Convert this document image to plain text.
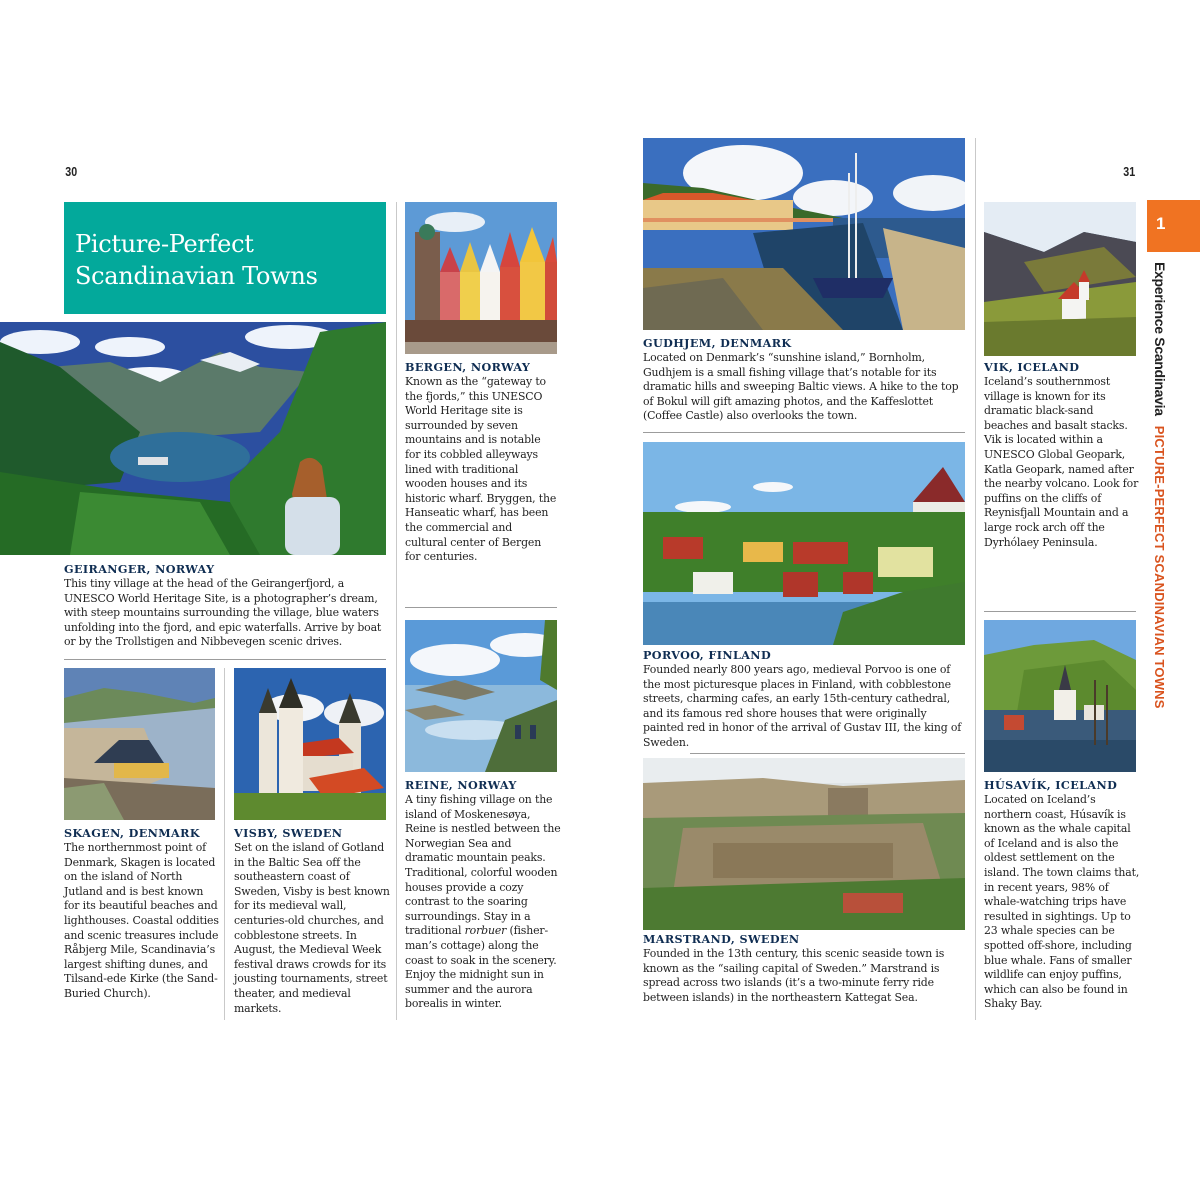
30	31
Picture-Perfect
Scandinavian Towns
1
Experience ScandinaviaPICTURE-PERFECT SCANDINAVIAN TOWNS
GEIRANGER, NORWAY
This tiny village at the head of the Geirangerfjord, a UNESCO World Heritage Site, is a photographer’s dream, with steep mountains surrounding the village, blue waters unfolding into the fjord, and epic waterfalls. Arrive by boat or by the Trollstigen and Nibbevegen scenic drives.
BERGEN, NORWAY
Known as the “gateway to the fjords,” this UNESCO World Heritage site is surrounded by seven mountains and is notable for its cobbled alleyways lined with traditional wooden houses and its historic wharf. Bryggen, the Hanseatic wharf, has been the commercial and cultural center of Bergen for centuries.
SKAGEN, DENMARK
The northernmost point of Denmark, Skagen is located on the island of North Jutland and is best known for its beautiful beaches and lighthouses. Coastal oddities and scenic treasures include Råbjerg Mile, Scandinavia’s largest shifting dunes, and Tilsand-ede Kirke (the Sand-Buried Church).
VISBY, SWEDEN
Set on the island of Gotland in the Baltic Sea off the southeastern coast of Sweden, Visby is best known for its medieval wall, centuries-old churches, and cobblestone streets. In August, the Medieval Week festival draws crowds for its jousting tournaments, street theater, and medieval markets.
REINE, NORWAY
A tiny fishing village on the island of Moskenesøya, Reine is nestled between the Norwegian Sea and dramatic mountain peaks. Traditional, colorful wooden houses provide a cozy contrast to the soaring surroundings. Stay in a traditional rorbuer (fisher-man’s cottage) along the coast to soak in the scenery. Enjoy the midnight sun in summer and the aurora borealis in winter.
GUDHJEM, DENMARK
Located on Denmark’s “sunshine island,” Bornholm, Gudhjem is a small fishing village that’s notable for its dramatic hills and sweeping Baltic views. A hike to the top of Bokul will gift amazing photos, and the Kaffeslottet (Coffee Castle) also overlooks the town.
PORVOO, FINLAND
Founded nearly 800 years ago, medieval Porvoo is one of the most picturesque places in Finland, with cobblestone streets, charming cafes, an early 15th-century cathedral, and its famous red shore houses that were originally painted red in honor of the arrival of Gustav III, the king of Sweden.
MARSTRAND, SWEDEN
Founded in the 13th century, this scenic seaside town is known as the “sailing capital of Sweden.” Marstrand is spread across two islands (it’s a two-minute ferry ride between islands) in the northeastern Kattegat Sea.
VIK, ICELAND
Iceland’s southernmost village is known for its dramatic black-sand beaches and basalt stacks. Vik is located within a UNESCO Global Geopark, Katla Geopark, named after the nearby volcano. Look for puffins on the cliffs of Reynisfjall Mountain and a large rock arch off the Dyrhólaey Peninsula.
HÚSAVÍK, ICELAND
Located on Iceland’s northern coast, Húsavík is known as the whale capital of Iceland and is also the oldest settlement on the island. The town claims that, in recent years, 98% of whale-watching trips have resulted in sightings. Up to 23 whale species can be spotted off-shore, including blue whale. Fans of smaller wildlife can enjoy puffins, which can also be found in Shaky Bay.
